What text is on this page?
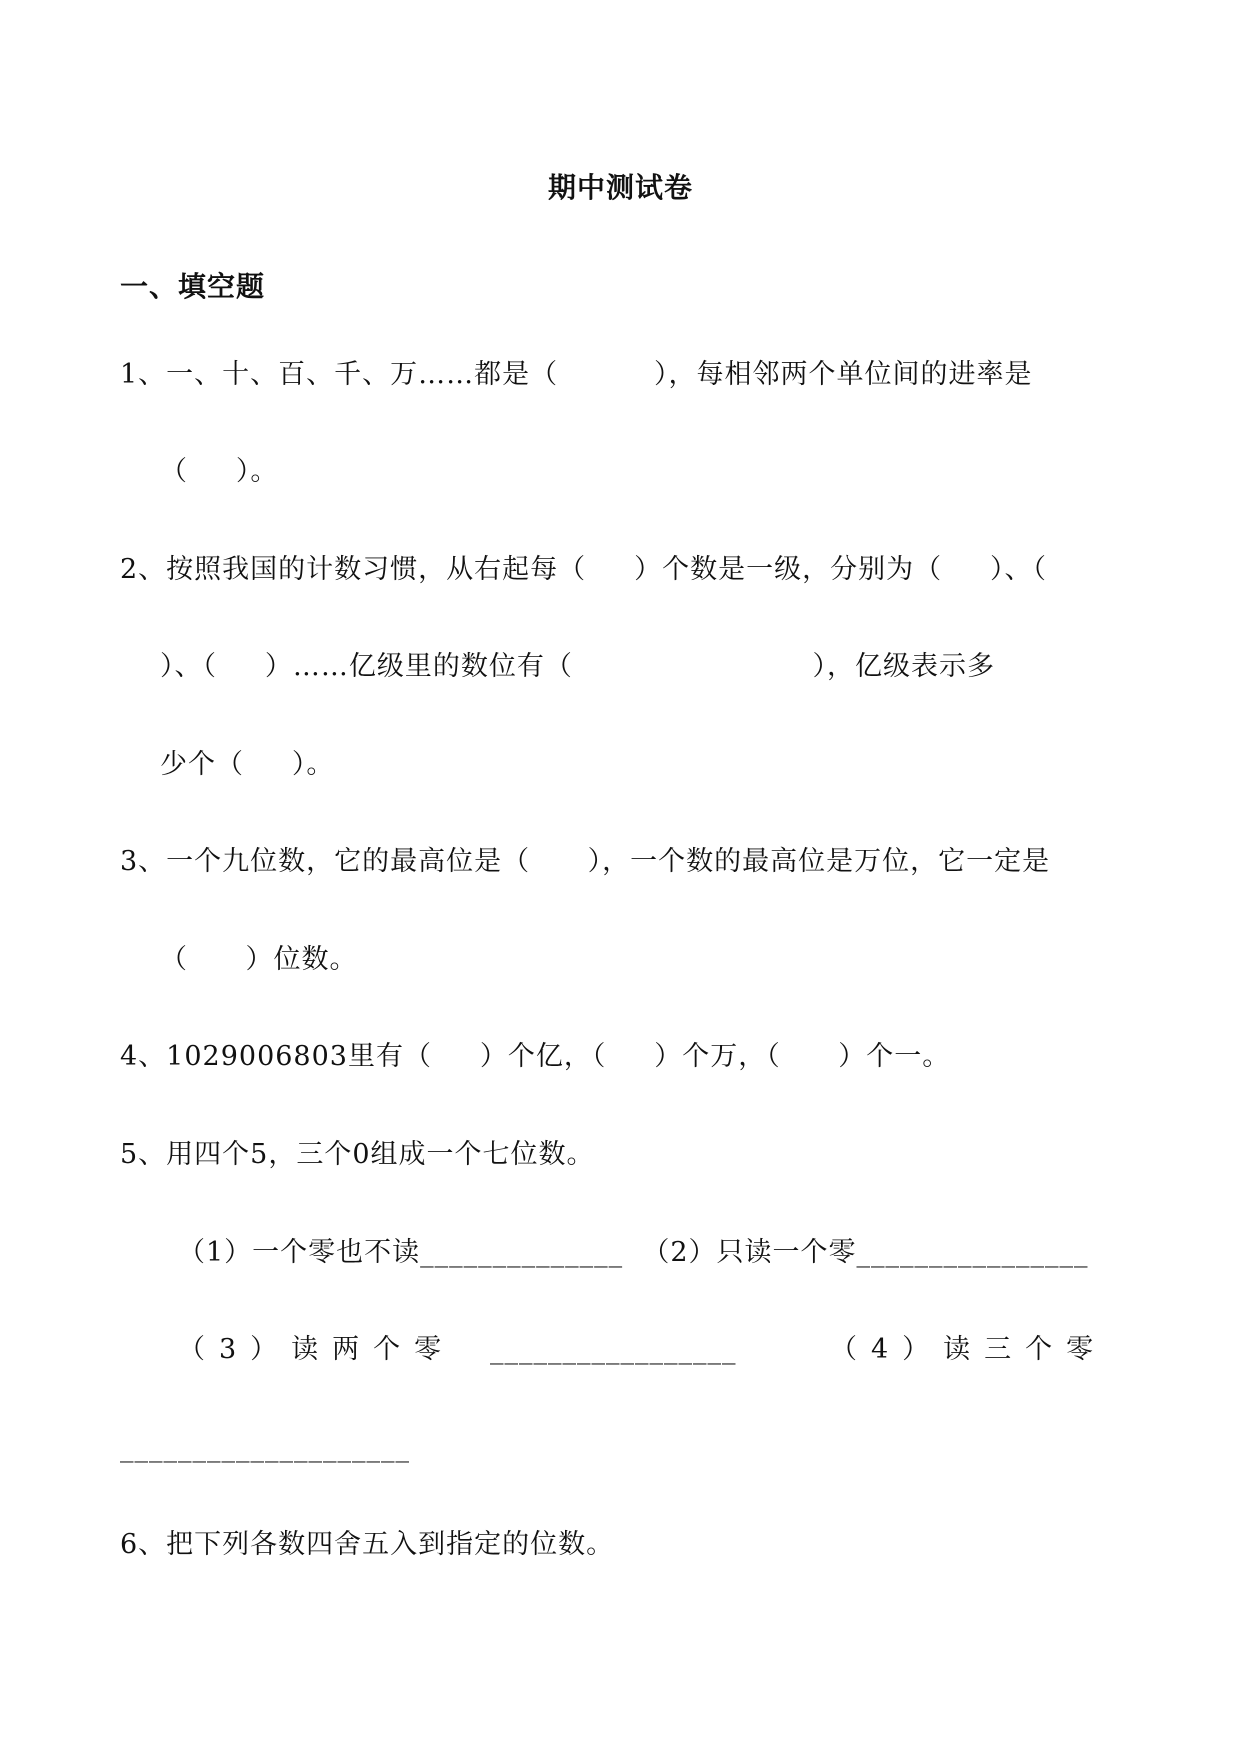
期中测试卷
一、填空题
1、一、十、百、千、万……都是（          ），每相邻两个单位间的进率是
（     ）。
2、按照我国的计数习惯，从右起每（     ）个数是一级，分别为（     ）、（
）、（     ）……亿级里的数位有（                         ），亿级表示多
少个（     ）。
3、一个九位数，它的最高位是（      ），一个数的最高位是万位，它一定是
（      ）位数。
4、1029006803里有（     ）个亿，（     ）个万，（      ）个一。
5、用四个5，三个0组成一个七位数。
（1）一个零也不读______________  （2）只读一个零________________
（3）读两个零 _________________	（4）读三个零
____________________
6、把下列各数四舍五入到指定的位数。
